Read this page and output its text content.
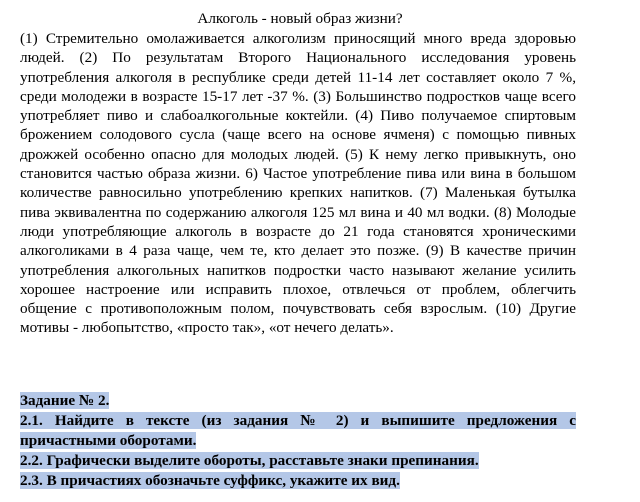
Алкоголь - новый образ жизни?

(1) Стремительно омолаживается алкоголизм приносящий много вреда здоровью людей. (2) По результатам Второго Национального исследования уровень употребления алкоголя в республике среди детей 11-14 лет составляет около 7 %, среди молодежи в возрасте 15-17 лет -37 %. (3) Большинство подростков чаще всего употребляет пиво и слабоалкогольные коктейли. (4) Пиво получаемое спиртовым брожением солодового сусла (чаще всего на основе ячменя) с помощью пивных дрожжей особенно опасно для молодых людей. (5) К нему легко привыкнуть, оно становится частью образа жизни. 6) Частое употребление пива или вина в большом количестве равносильно употреблению крепких напитков. (7) Маленькая бутылка пива эквивалентна по содержанию алкоголя 125 мл вина и 40 мл водки. (8) Молодые люди употребляющие алкоголь в возрасте до 21 года становятся хроническими алкоголиками в 4 раза чаще, чем те, кто делает это позже. (9) В качестве причин употребления алкогольных напитков подростки часто называют желание усилить хорошее настроение или исправить плохое, отвлечься от проблем, облегчить общение с противоположным полом, почувствовать себя взрослым. (10) Другие мотивы - любопытство, «просто так», «от нечего делать».

Задание № 2.

2.1. Найдите в тексте (из задания № 2) и выпишите предложения с причастными оборотами.

2.2. Графически выделите обороты, расставьте знаки препинания.

2.3. В причастиях обозначьте суффикс, укажите их вид.
